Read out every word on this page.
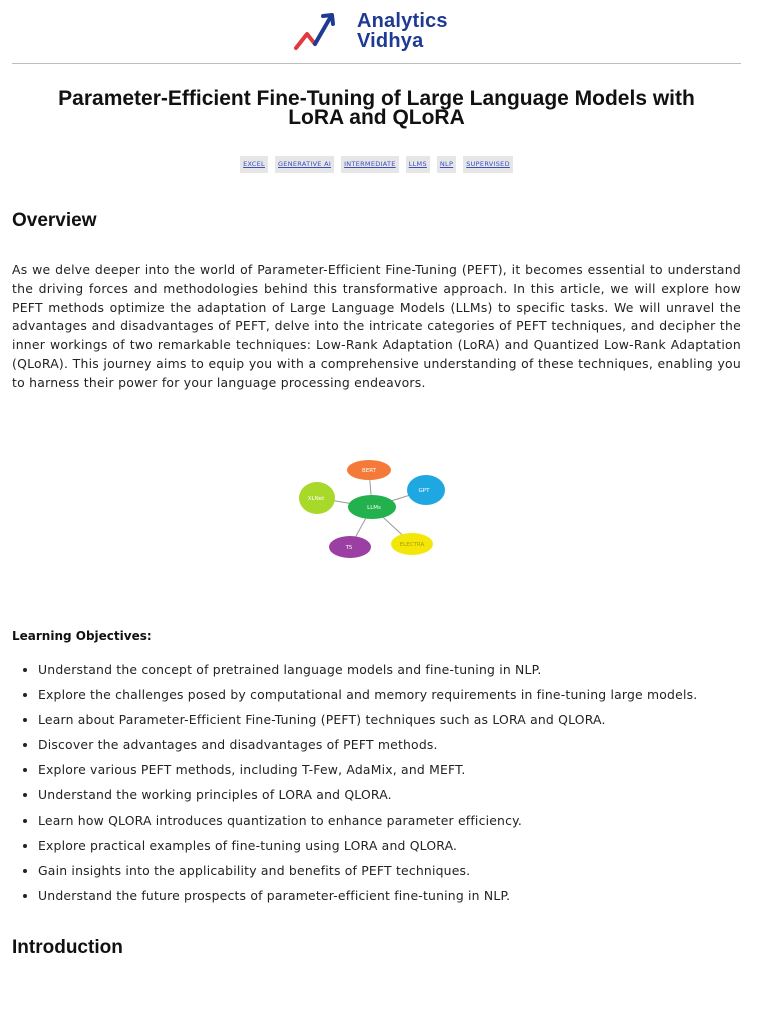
Analytics
Vidhya
Parameter-Efficient Fine-Tuning of Large Language Models with
LoRA and QLoRA
EXCEL	GENERATIVE AI	INTERMEDIATE	LLMS	NLP	SUPERVISED
Overview

As we delve deeper into the world of Parameter-Efficient Fine-Tuning (PEFT), it becomes essential to understand the driving forces and methodologies behind this transformative approach. In this article, we will explore how PEFT methods optimize the adaptation of Large Language Models (LLMs) to specific tasks. We will unravel the advantages and disadvantages of PEFT, delve into the intricate categories of PEFT techniques, and decipher the inner workings of two remarkable techniques: Low-Rank Adaptation (LoRA) and Quantized Low-Rank Adaptation (QLoRA). This journey aims to equip you with a comprehensive understanding of these techniques, enabling you to harness their power for your language processing endeavors.

BERT
GPT
ELECTRA
T5
XLNet
LLMs

Learning Objectives:

• Understand the concept of pretrained language models and fine-tuning in NLP.
• Explore the challenges posed by computational and memory requirements in fine-tuning large models.
• Learn about Parameter-Efficient Fine-Tuning (PEFT) techniques such as LORA and QLORA.
• Discover the advantages and disadvantages of PEFT methods.
• Explore various PEFT methods, including T-Few, AdaMix, and MEFT.
• Understand the working principles of LORA and QLORA.
• Learn how QLORA introduces quantization to enhance parameter efficiency.
• Explore practical examples of fine-tuning using LORA and QLORA.
• Gain insights into the applicability and benefits of PEFT techniques.
• Understand the future prospects of parameter-efficient fine-tuning in NLP.
Introduction
